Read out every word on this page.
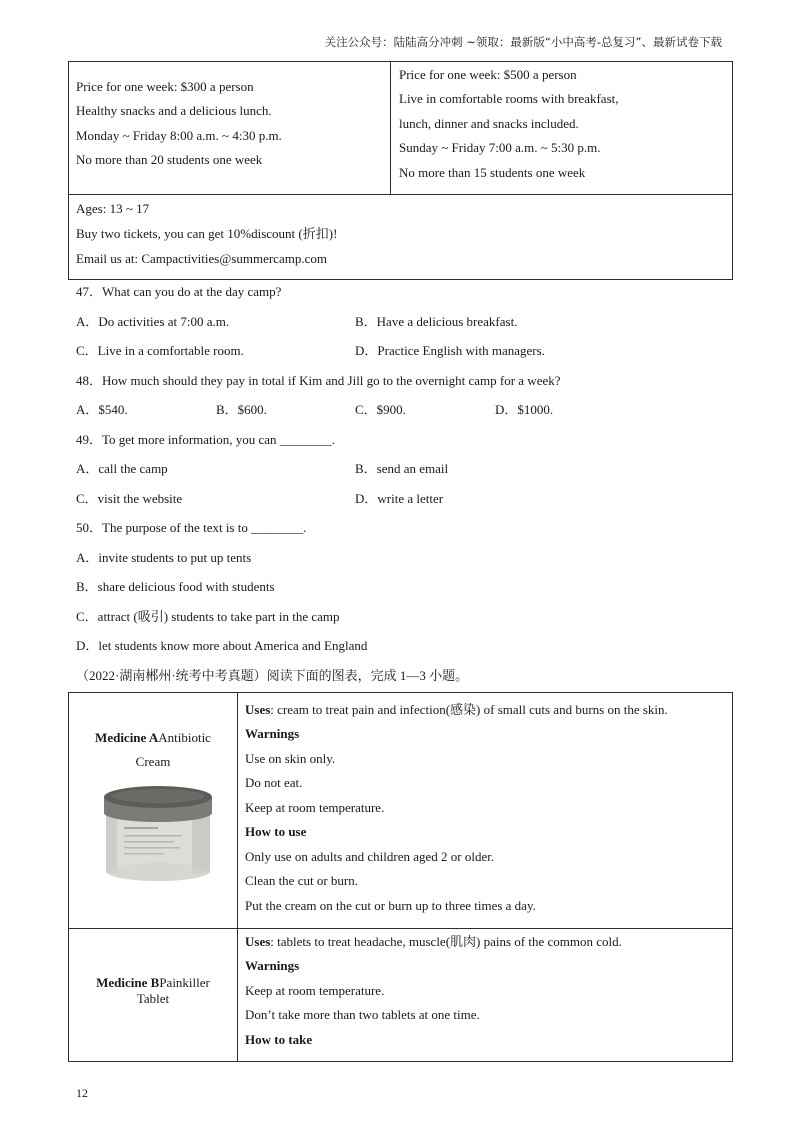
关注公众号：陆陆高分冲刺 ~领取：最新版“小中高考-总复习”、最新试卷下载
Price for one week: $300 a person
Healthy snacks and a delicious lunch.
Monday ~ Friday 8:00 a.m. ~ 4:30 p.m.
No more than 20 students one week
Price for one week: $500 a person
Live in comfortable rooms with breakfast,
lunch, dinner and snacks included.
Sunday ~ Friday 7:00 a.m. ~ 5:30 p.m.
No more than 15 students one week
Ages: 13 ~ 17
Buy two tickets, you can get 10%discount (折扣)!
Email us at: Campactivities@summercamp.com
47．What can you do at the day camp?
A．Do activities at 7:00 a.m.	B．Have a delicious breakfast.
C．Live in a comfortable room.	D．Practice English with managers.
48．How much should they pay in total if Kim and Jill go to the overnight camp for a week?
A．$540.	B．$600.	C．$900.	D．$1000.
49．To get more information, you can ________.
A．call the camp	B．send an email
C．visit the website	D．write a letter
50．The purpose of the text is to ________.
A．invite students to put up tents
B．share delicious food with students
C．attract (吸引) students to take part in the camp
D．let students know more about America and England
（2022·湖南郴州·统考中考真题）阅读下面的图表，完成 1—3 小题。
Medicine AAntibiotic
Cream
Uses: cream to treat pain and infection(感染) of small cuts and burns on the skin.
Warnings
Use on skin only.
Do not eat.
Keep at room temperature.
How to use
Only use on adults and children aged 2 or older.
Clean the cut or burn.
Put the cream on the cut or burn up to three times a day.
Medicine BPainkiller
Tablet
Uses: tablets to treat headache, muscle(肌肉) pains of the common cold.
Warnings
Keep at room temperature.
Don’t take more than two tablets at one time.
How to take
12
